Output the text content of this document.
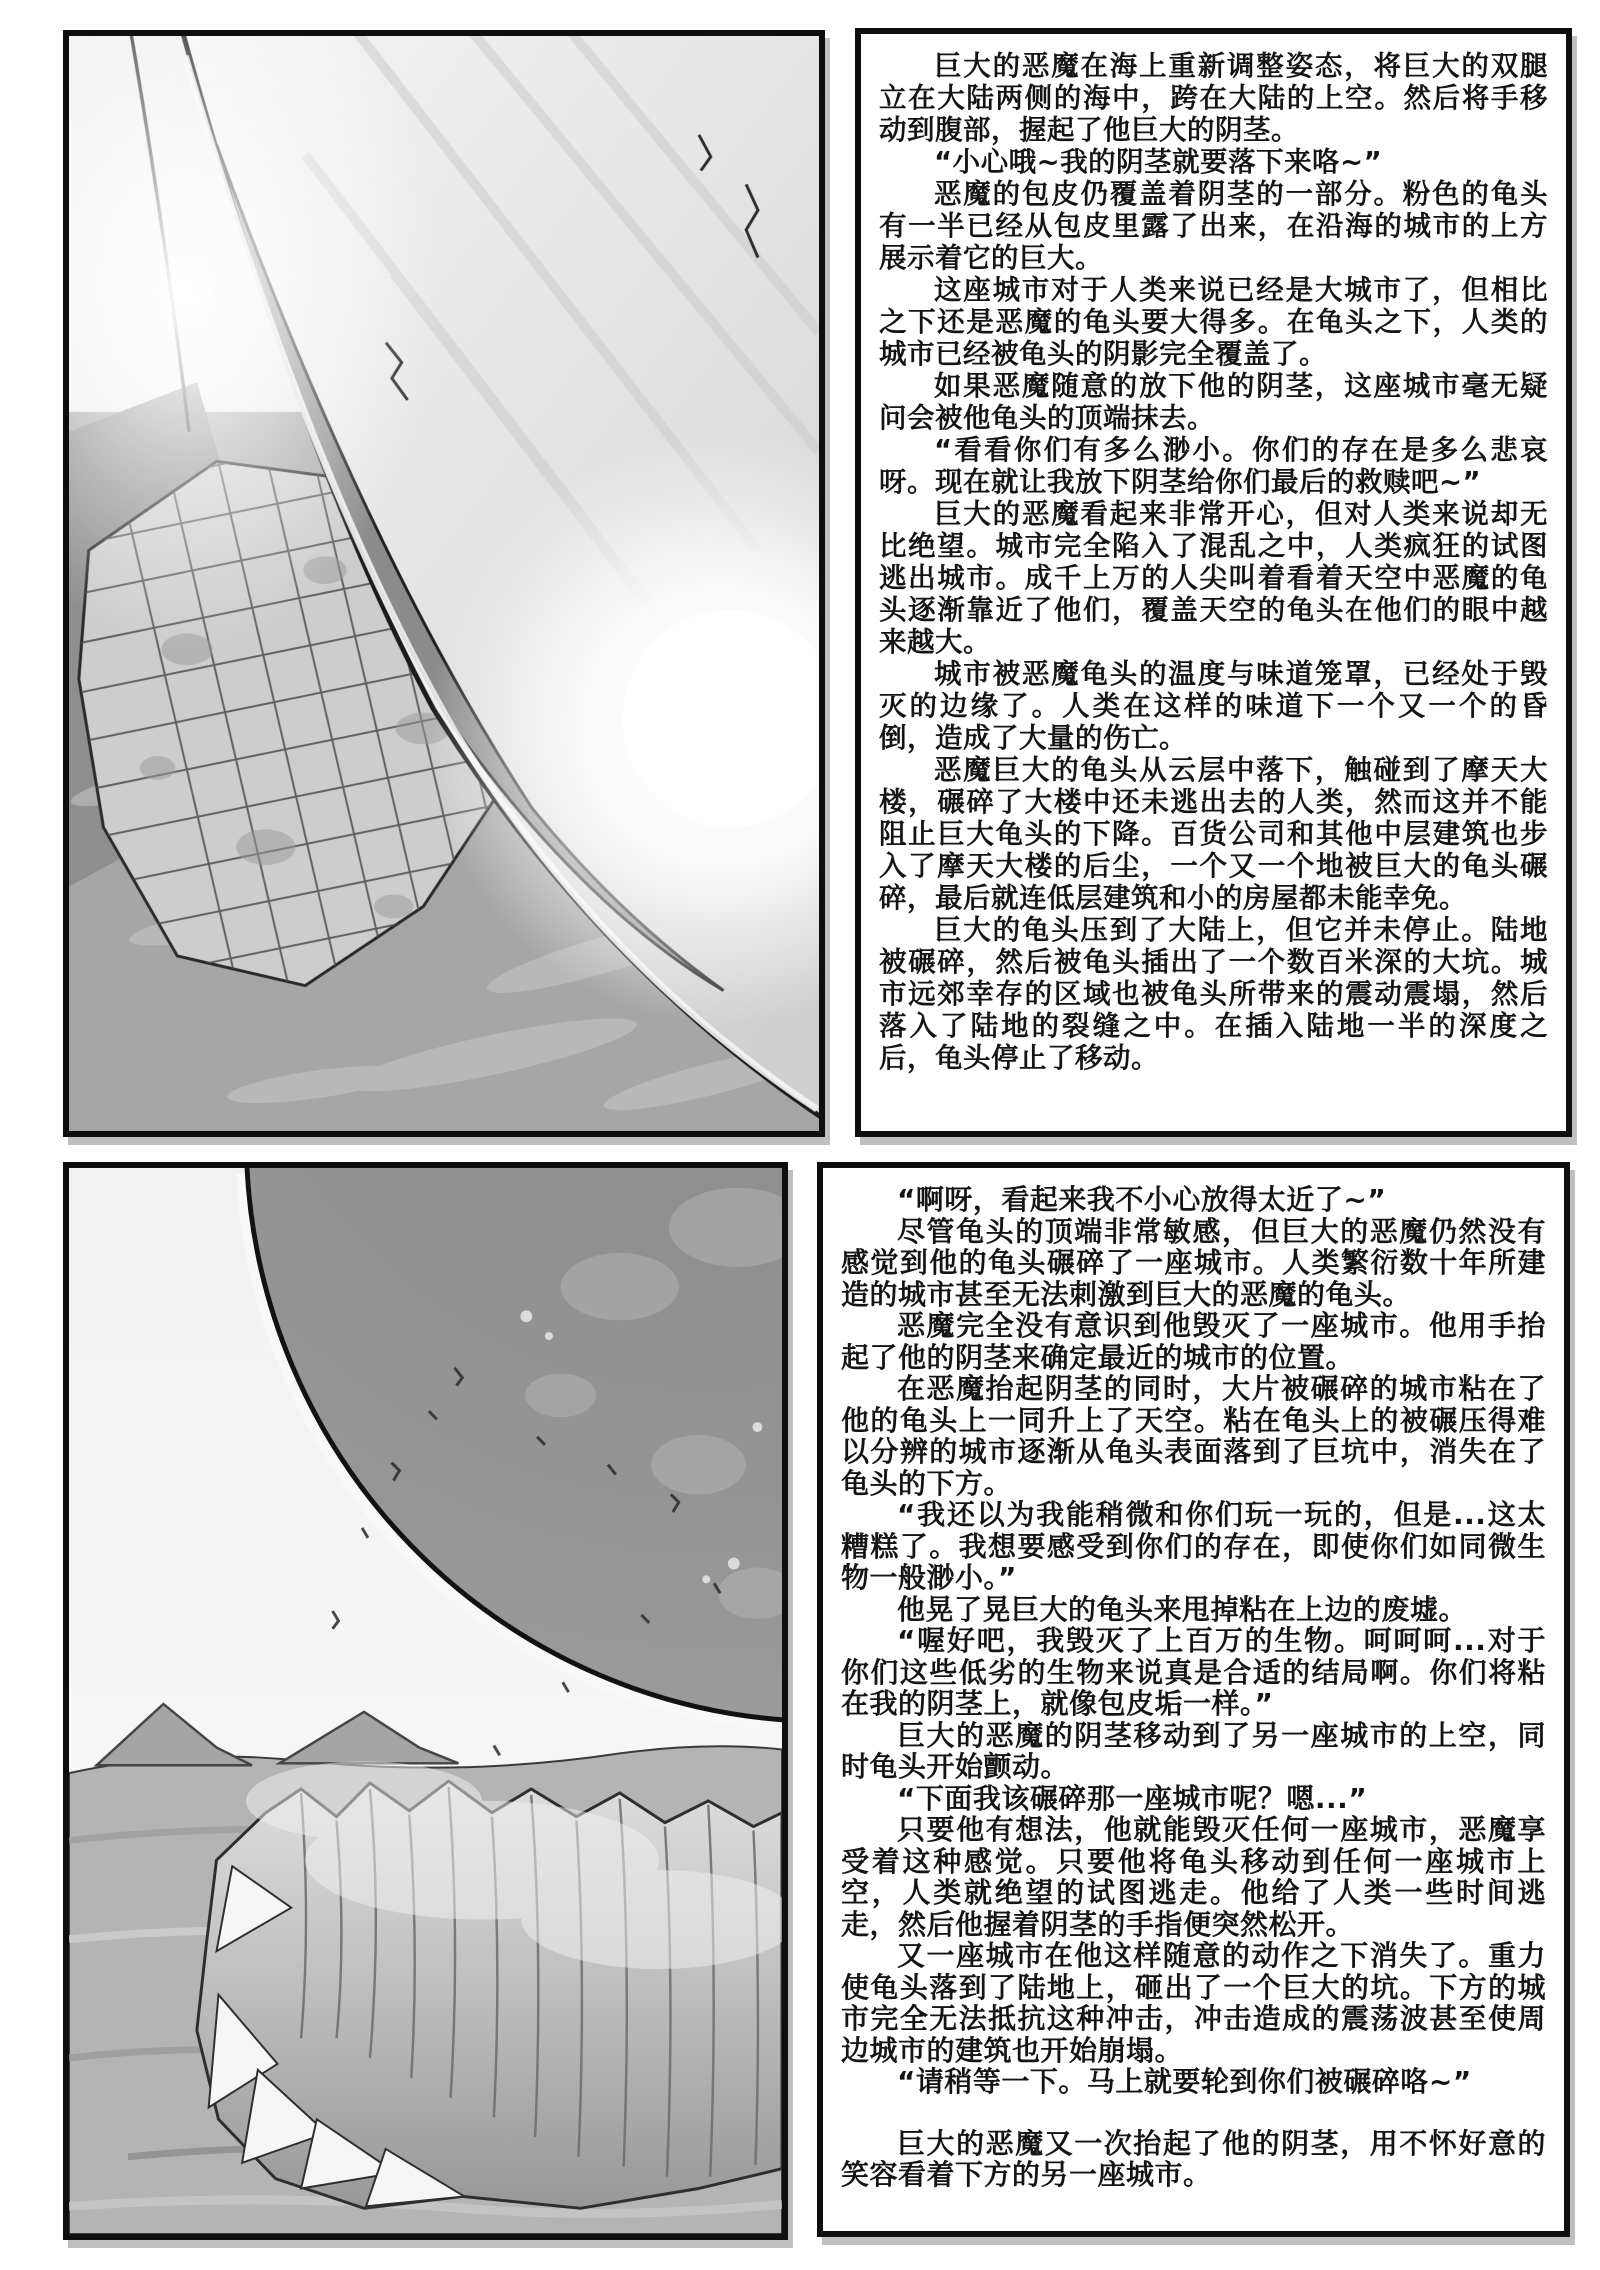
巨大的恶魔在海上重新调整姿态，将巨大的双腿立在大陆两侧的海中，跨在大陆的上空。然后将手移动到腹部，握起了他巨大的阴茎。

“小心哦~我的阴茎就要落下来咯~”

恶魔的包皮仍覆盖着阴茎的一部分。粉色的龟头有一半已经从包皮里露了出来，在沿海的城市的上方展示着它的巨大。

这座城市对于人类来说已经是大城市了，但相比之下还是恶魔的龟头要大得多。在龟头之下，人类的城市已经被龟头的阴影完全覆盖了。

如果恶魔随意的放下他的阴茎，这座城市毫无疑问会被他龟头的顶端抹去。

“看看你们有多么渺小。你们的存在是多么悲哀呀。现在就让我放下阴茎给你们最后的救赎吧~”

巨大的恶魔看起来非常开心，但对人类来说却无比绝望。城市完全陷入了混乱之中，人类疯狂的试图逃出城市。成千上万的人尖叫着看着天空中恶魔的龟头逐渐靠近了他们，覆盖天空的龟头在他们的眼中越来越大。

城市被恶魔龟头的温度与味道笼罩，已经处于毁灭的边缘了。人类在这样的味道下一个又一个的昏倒，造成了大量的伤亡。

恶魔巨大的龟头从云层中落下，触碰到了摩天大楼，碾碎了大楼中还未逃出去的人类，然而这并不能阻止巨大龟头的下降。百货公司和其他中层建筑也步入了摩天大楼的后尘，一个又一个地被巨大的龟头碾碎，最后就连低层建筑和小的房屋都未能幸免。

巨大的龟头压到了大陆上，但它并未停止。陆地被碾碎，然后被龟头插出了一个数百米深的大坑。城市远郊幸存的区域也被龟头所带来的震动震塌，然后落入了陆地的裂缝之中。在插入陆地一半的深度之后，龟头停止了移动。

“啊呀，看起来我不小心放得太近了~”

尽管龟头的顶端非常敏感，但巨大的恶魔仍然没有感觉到他的龟头碾碎了一座城市。人类繁衍数十年所建造的城市甚至无法刺激到巨大的恶魔的龟头。

恶魔完全没有意识到他毁灭了一座城市。他用手抬起了他的阴茎来确定最近的城市的位置。

在恶魔抬起阴茎的同时，大片被碾碎的城市粘在了他的龟头上一同升上了天空。粘在龟头上的被碾压得难以分辨的城市逐渐从龟头表面落到了巨坑中，消失在了龟头的下方。

“我还以为我能稍微和你们玩一玩的，但是...这太糟糕了。我想要感受到你们的存在，即使你们如同微生物一般渺小。”

他晃了晃巨大的龟头来甩掉粘在上边的废墟。

“喔好吧，我毁灭了上百万的生物。呵呵呵...对于你们这些低劣的生物来说真是合适的结局啊。你们将粘在我的阴茎上，就像包皮垢一样。”

巨大的恶魔的阴茎移动到了另一座城市的上空，同时龟头开始颤动。

“下面我该碾碎那一座城市呢？嗯...”

只要他有想法，他就能毁灭任何一座城市，恶魔享受着这种感觉。只要他将龟头移动到任何一座城市上空，人类就绝望的试图逃走。他给了人类一些时间逃走，然后他握着阴茎的手指便突然松开。

又一座城市在他这样随意的动作之下消失了。重力使龟头落到了陆地上，砸出了一个巨大的坑。下方的城市完全无法抵抗这种冲击，冲击造成的震荡波甚至使周边城市的建筑也开始崩塌。

“请稍等一下。马上就要轮到你们被碾碎咯~”

巨大的恶魔又一次抬起了他的阴茎，用不怀好意的笑容看着下方的另一座城市。
